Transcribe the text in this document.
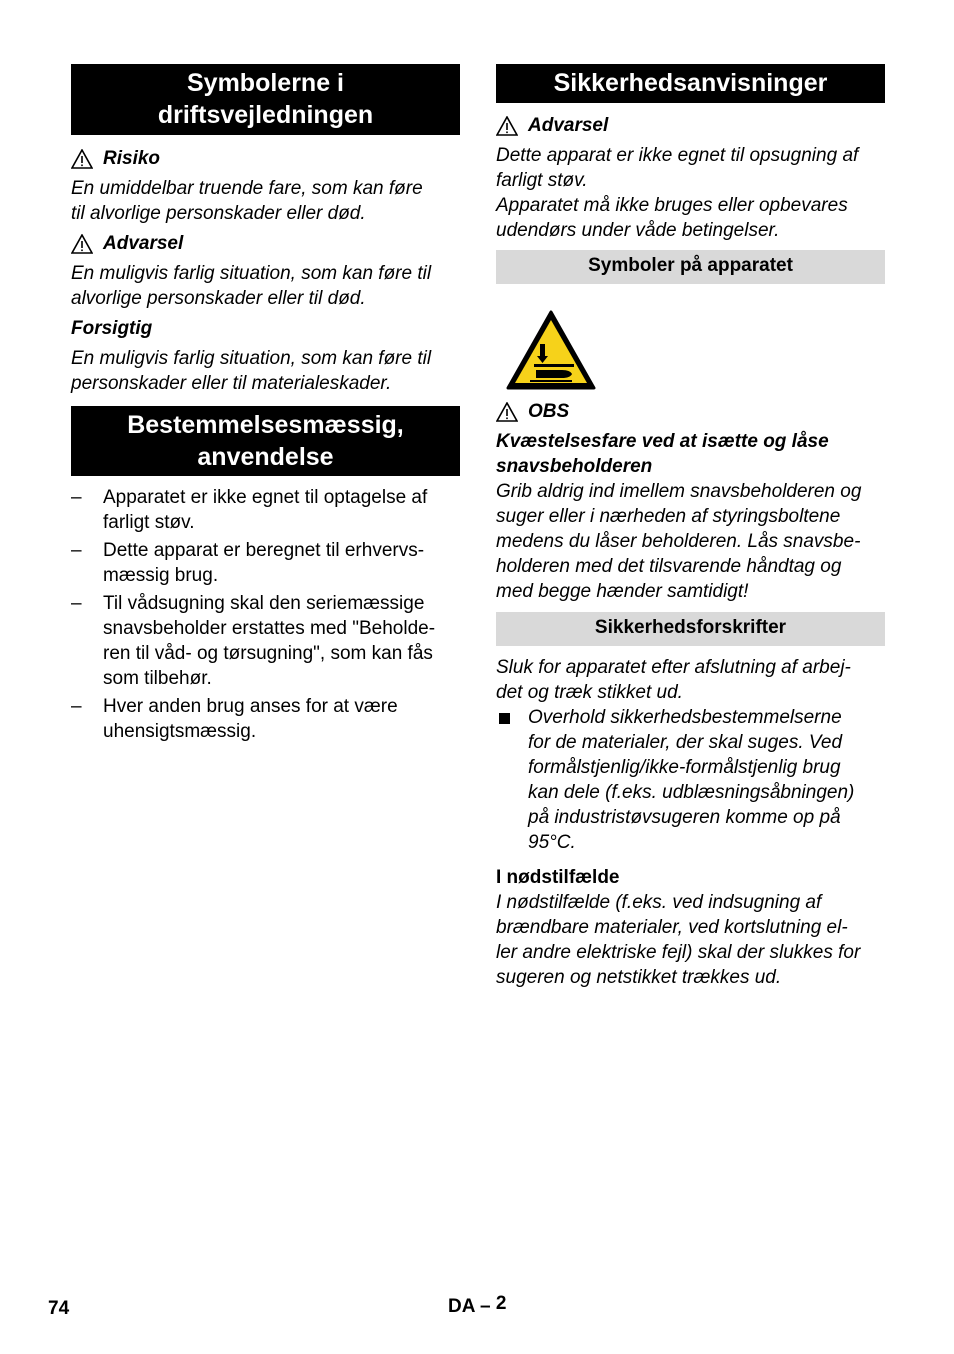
Symbolerne i
driftsvejledningen
Risiko
En umiddelbar truende fare, som kan føre
til alvorlige personskader eller død.
Advarsel
En muligvis farlig situation, som kan føre til
alvorlige personskader eller til død.
Forsigtig
En muligvis farlig situation, som kan føre til
personskader eller til materialeskader.
Bestemmelsesmæssig,
anvendelse
– Apparatet er ikke egnet til optagelse af
farligt støv.
– Dette apparat er beregnet til erhvervs-
mæssig brug.
– Til vådsugning skal den seriemæssige
snavsbeholder erstattes med "Beholde-
ren til våd- og tørsugning", som kan fås
som tilbehør.
– Hver anden brug anses for at være
uhensigtsmæssig.
Sikkerhedsanvisninger
Advarsel
Dette apparat er ikke egnet til opsugning af
farligt støv.
Apparatet må ikke bruges eller opbevares
udendørs under våde betingelser.
Symboler på apparatet
OBS
Kvæstelsesfare ved at isætte og låse
snavsbeholderen
Grib aldrig ind imellem snavsbeholderen og
suger eller i nærheden af styringsboltene
medens du låser beholderen. Lås snavsbe-
holderen med det tilsvarende håndtag og
med begge hænder samtidigt!
Sikkerhedsforskrifter
Sluk for apparatet efter afslutning af arbej-
det og træk stikket ud.
Overhold sikkerhedsbestemmelserne
for de materialer, der skal suges. Ved
formålstjenlig/ikke-formålstjenlig brug
kan dele (f.eks. udblæsningsåbningen)
på industristøvsugeren komme op på
95°C.
I nødstilfælde
I nødstilfælde (f.eks. ved indsugning af
brændbare materialer, ved kortslutning el-
ler andre elektriske fejl) skal der slukkes for
sugeren og netstikket trækkes ud.
74	DA – 2
